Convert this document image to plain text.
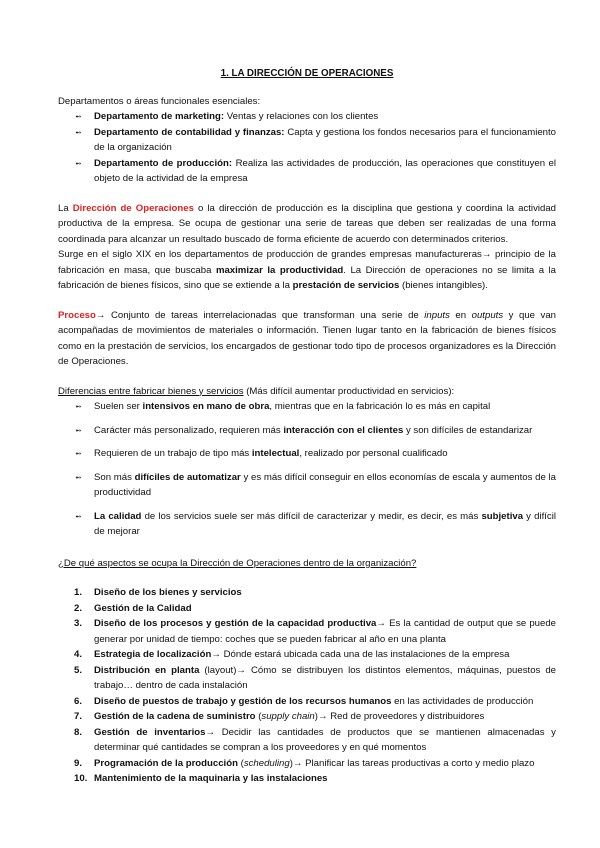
1. LA DIRECCIÓN DE OPERACIONES

Departamentos o áreas funcionales esenciales:

➻ Departamento de marketing: Ventas y relaciones con los clientes
➻ Departamento de contabilidad y finanzas: Capta y gestiona los fondos necesarios para el funcionamiento de la organización
➻ Departamento de producción: Realiza las actividades de producción, las operaciones que constituyen el objeto de la actividad de la empresa

La Dirección de Operaciones o la dirección de producción es la disciplina que gestiona y coordina la actividad productiva de la empresa. Se ocupa de gestionar una serie de tareas que deben ser realizadas de una forma coordinada para alcanzar un resultado buscado de forma eficiente de acuerdo con determinados criterios.

Surge en el siglo XIX en los departamentos de producción de grandes empresas manufactureras→ principio de la fabricación en masa, que buscaba maximizar la productividad. La Dirección de operaciones no se limita a la fabricación de bienes físicos, sino que se extiende a la prestación de servicios (bienes intangibles).

Proceso→ Conjunto de tareas interrelacionadas que transforman una serie de inputs en outputs y que van acompañadas de movimientos de materiales o información. Tienen lugar tanto en la fabricación de bienes físicos como en la prestación de servicios, los encargados de gestionar todo tipo de procesos organizadores es la Dirección de Operaciones.

Diferencias entre fabricar bienes y servicios (Más difícil aumentar productividad en servicios):

➻ Suelen ser intensivos en mano de obra, mientras que en la fabricación lo es más en capital
➻ Carácter más personalizado, requieren más interacción con el clientes y son difíciles de estandarizar
➻ Requieren de un trabajo de tipo más intelectual, realizado por personal cualificado
➻ Son más difíciles de automatizar y es más difícil conseguir en ellos economías de escala y aumentos de la productividad
➻ La calidad de los servicios suele ser más difícil de caracterizar y medir, es decir, es más subjetiva y difícil de mejorar

¿De qué aspectos se ocupa la Dirección de Operaciones dentro de la organización?

1.	Diseño de los bienes y servicios
2.	Gestión de la Calidad
3.	Diseño de los procesos y gestión de la capacidad productiva→ Es la cantidad de output que se puede generar por unidad de tiempo: coches que se pueden fabricar al año en una planta
4.	Estrategia de localización→ Dónde estará ubicada cada una de las instalaciones de la empresa
5.	Distribución en planta (layout)→ Cómo se distribuyen los distintos elementos, máquinas, puestos de trabajo… dentro de cada instalación
6.	Diseño de puestos de trabajo y gestión de los recursos humanos en las actividades de producción
7.	Gestión de la cadena de suministro (supply chain)→ Red de proveedores y distribuidores
8.	Gestión de inventarios→ Decidir las cantidades de productos que se mantienen almacenadas y determinar qué cantidades se compran a los proveedores y en qué momentos
9.	Programación de la producción (scheduling)→ Planificar las tareas productivas a corto y medio plazo
10. Mantenimiento de la maquinaria y las instalaciones
